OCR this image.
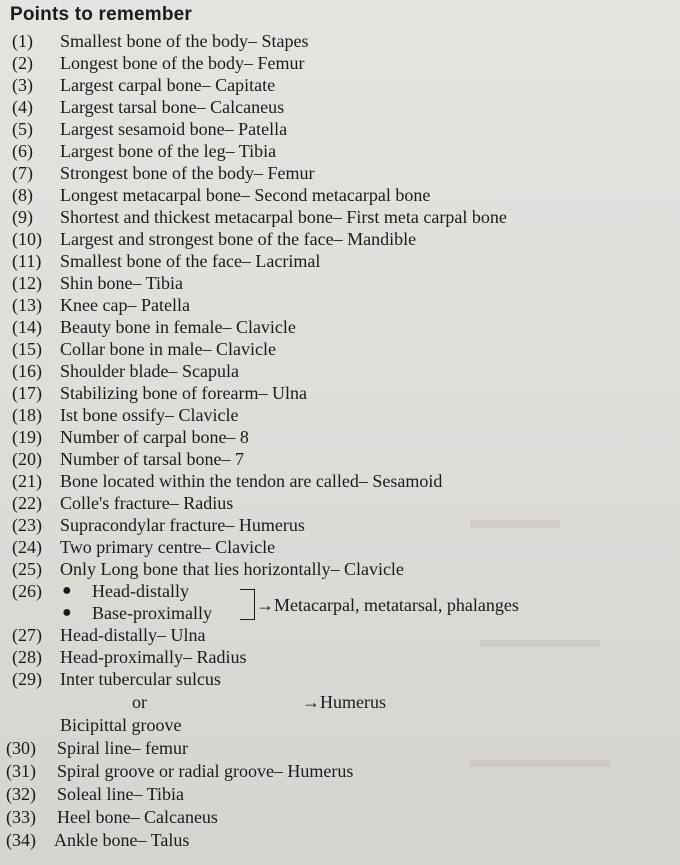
Points to remember
(1) Smallest bone of the body– Stapes
(2) Longest bone of the body– Femur
(3) Largest carpal bone– Capitate
(4) Largest tarsal bone– Calcaneus
(5) Largest sesamoid bone– Patella
(6) Largest bone of the leg– Tibia
(7) Strongest bone of the body– Femur
(8) Longest metacarpal bone– Second metacarpal bone
(9) Shortest and thickest metacarpal bone– First meta carpal bone
(10) Largest and strongest bone of the face– Mandible
(11) Smallest bone of the face– Lacrimal
(12) Shin bone– Tibia
(13) Knee cap– Patella
(14) Beauty bone in female– Clavicle
(15) Collar bone in male– Clavicle
(16) Shoulder blade– Scapula
(17) Stabilizing bone of forearm– Ulna
(18) Ist bone ossify– Clavicle
(19) Number of carpal bone– 8
(20) Number of tarsal bone– 7
(21) Bone located within the tendon are called– Sesamoid
(22) Colle's fracture– Radius
(23) Supracondylar fracture– Humerus
(24) Two primary centre– Clavicle
(25) Only Long bone that lies horizontally– Clavicle
(26) ● Head-distally
● Base-proximally →Metacarpal, metatarsal, phalanges
(27) Head-distally– Ulna
(28) Head-proximally– Radius
(29) Inter tubercular sulcus
or	→Humerus
Bicipittal groove
(30) Spiral line– femur
(31) Spiral groove or radial groove– Humerus
(32) Soleal line– Tibia
(33) Heel bone– Calcaneus
(34) Ankle bone– Talus
